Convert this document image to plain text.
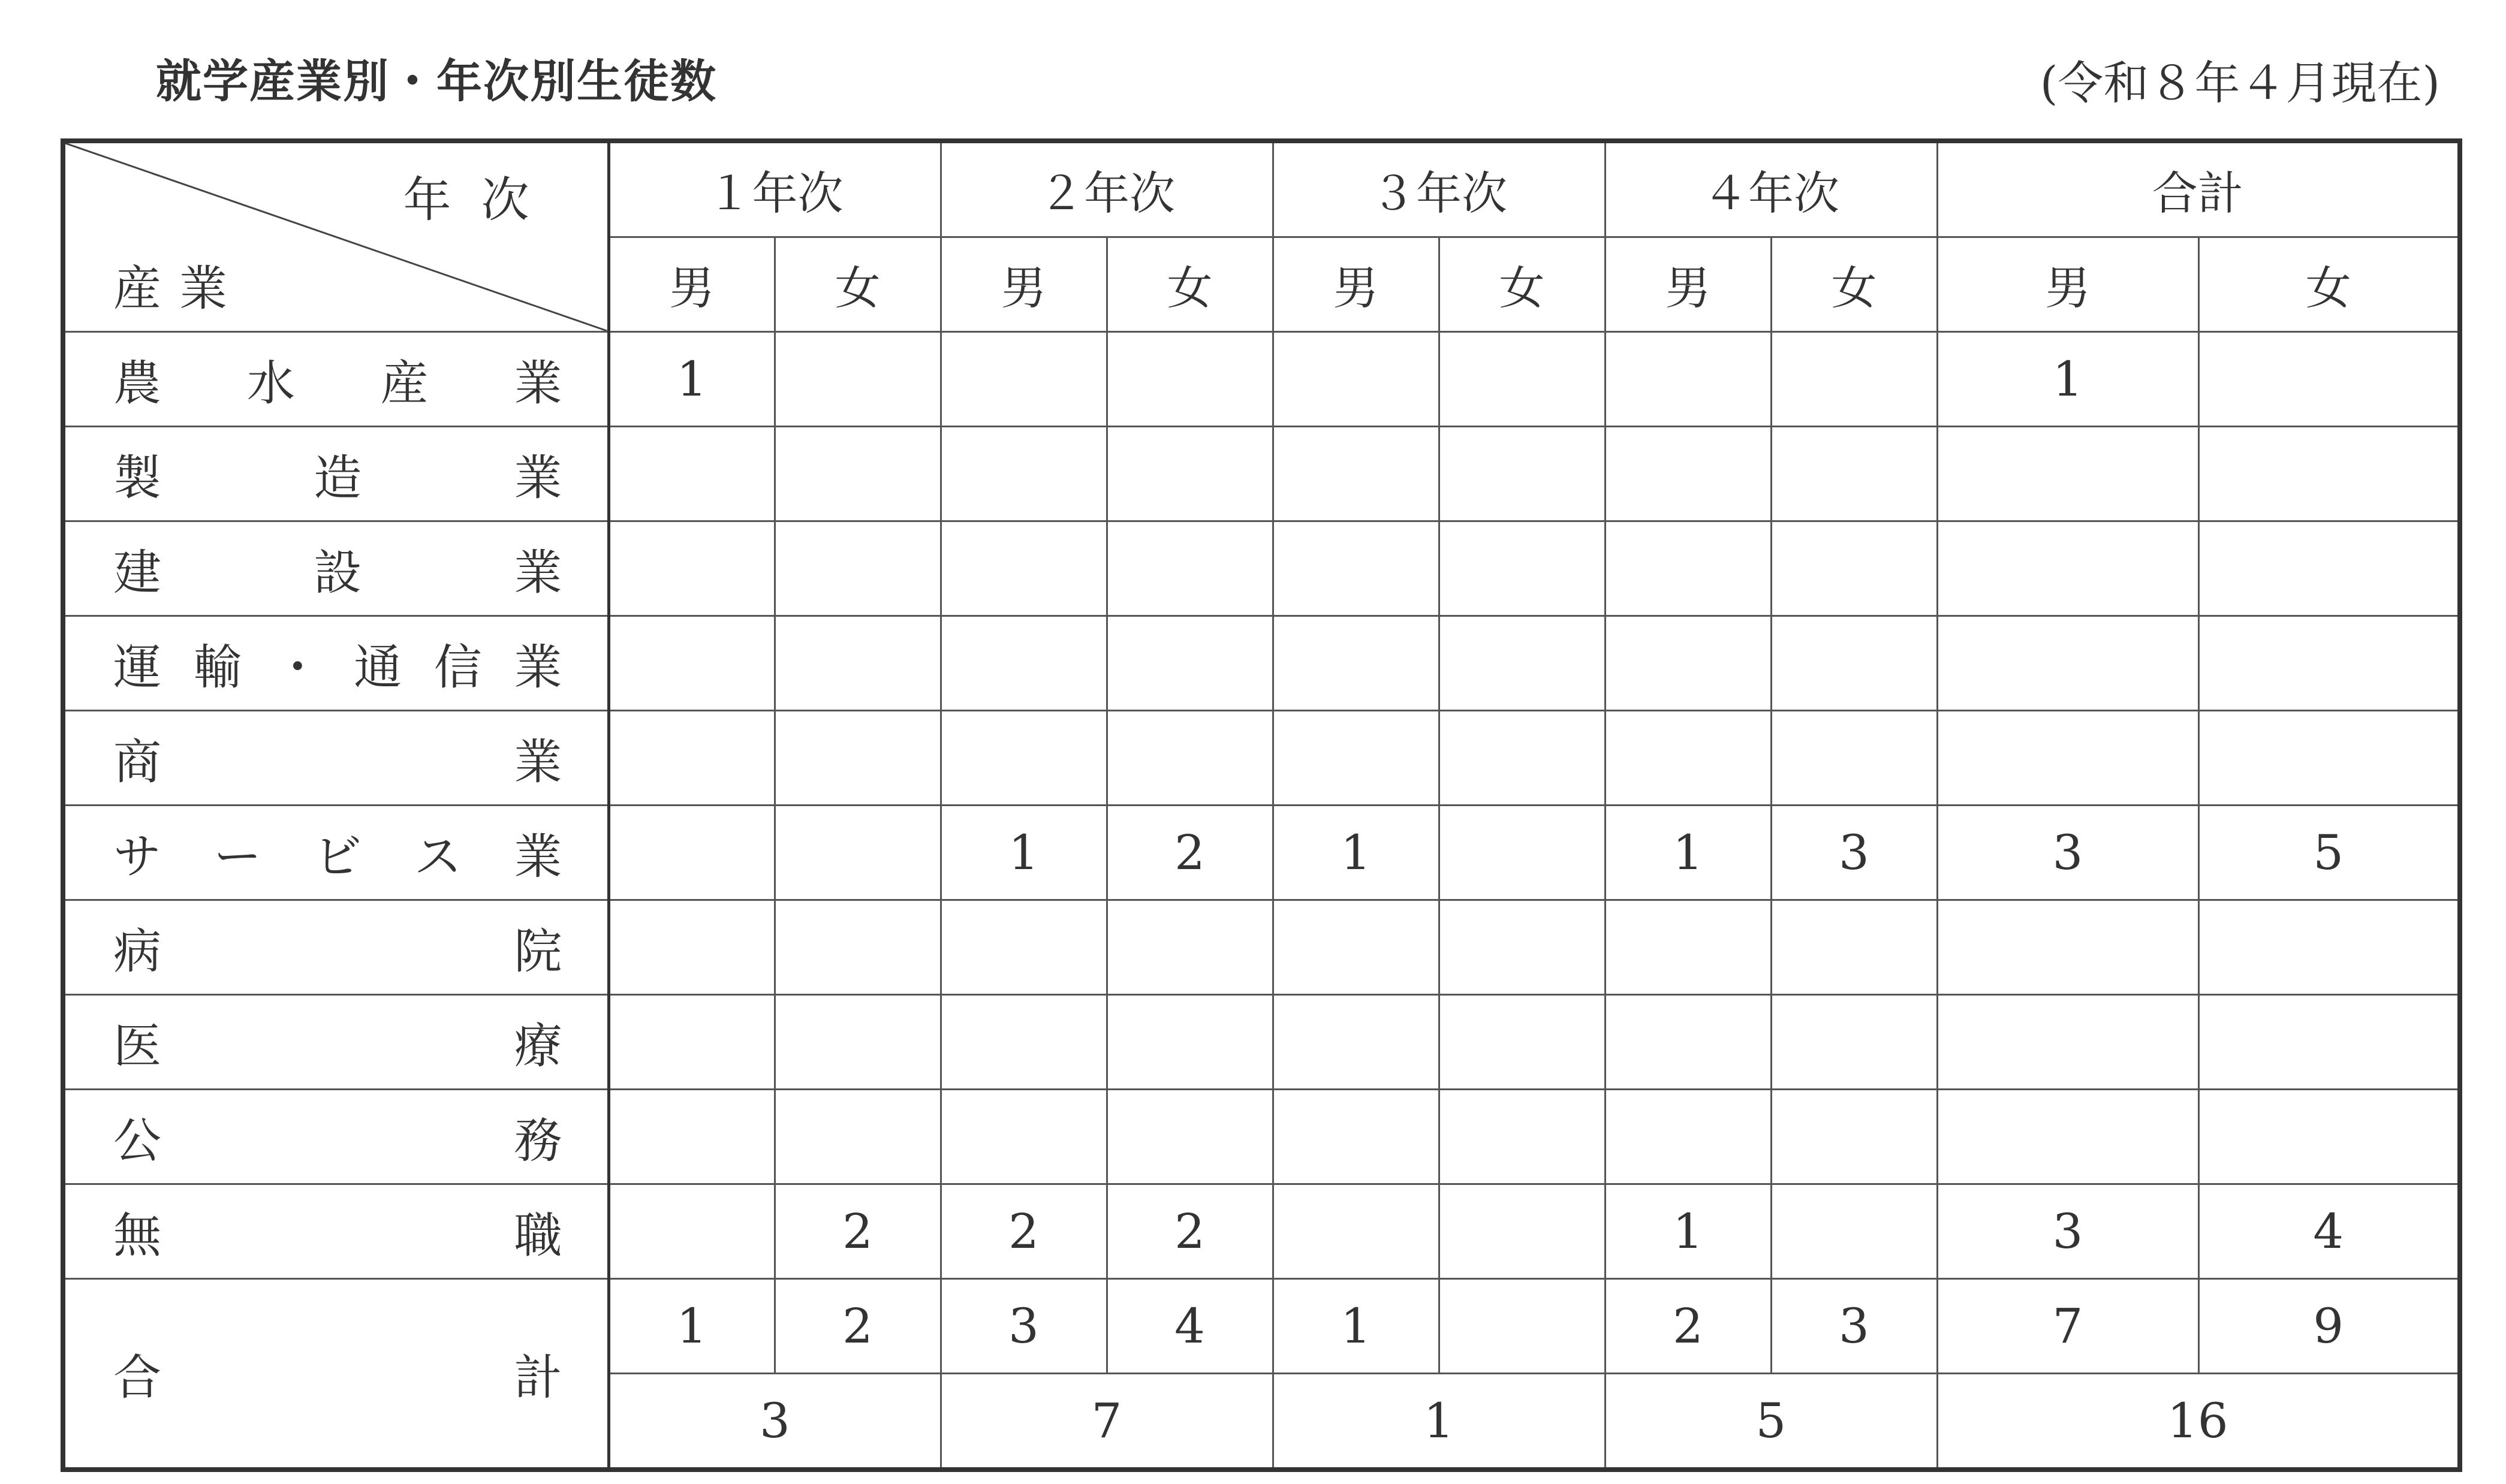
就学産業別・年次別生徒数	(令和８年４月現在)
年次
産業	１年次		２年次		３年次		４年次		合計	
	男	女	男	女	男	女	男	女	男	女
農水産業	1								1	
製造業										
建設業										
運輸・通信業										
商業										
サービス業			1	2	1		1	3	3	5
病院										
医療										
公務										
無職		2	2	2			1		3	4
合計	1	2	3	4	1		2	3	7	9
	3		7		1		5		16	
